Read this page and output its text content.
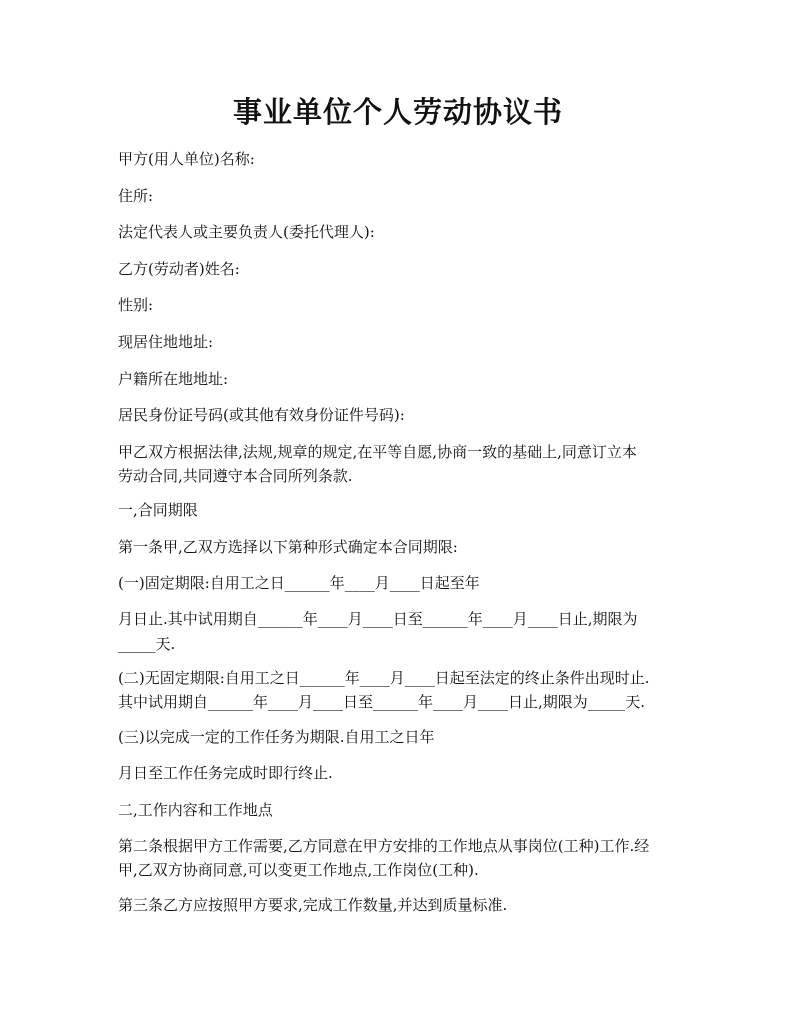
事业单位个人劳动协议书
甲方(用人单位)名称:
住所:
法定代表人或主要负责人(委托代理人):
乙方(劳动者)姓名:
性别:
现居住地地址:
户籍所在地地址:
居民身份证号码(或其他有效身份证件号码):
甲乙双方根据法律,法规,规章的规定,在平等自愿,协商一致的基础上,同意订立本
劳动合同,共同遵守本合同所列条款.
一,合同期限
第一条甲,乙双方选择以下第种形式确定本合同期限:
(一)固定期限:自用工之日______年____月____日起至年
月日止.其中试用期自______年____月____日至______年____月____日止,期限为
_____天.
(二)无固定期限:自用工之日______年____月____日起至法定的终止条件出现时止.
其中试用期自______年____月____日至______年____月____日止,期限为_____天.
(三)以完成一定的工作任务为期限.自用工之日年
月日至工作任务完成时即行终止.
二,工作内容和工作地点
第二条根据甲方工作需要,乙方同意在甲方安排的工作地点从事岗位(工种)工作.经
甲,乙双方协商同意,可以变更工作地点,工作岗位(工种).
第三条乙方应按照甲方要求,完成工作数量,并达到质量标准.
